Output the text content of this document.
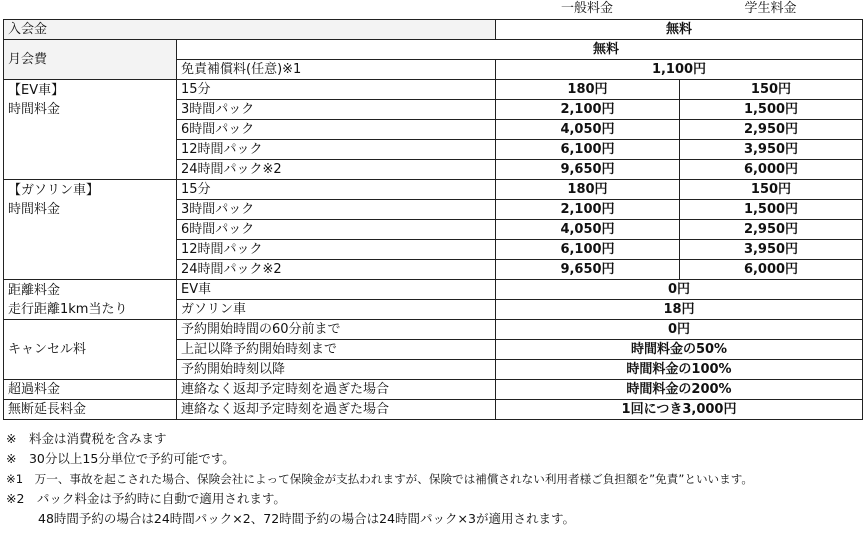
一般料金	学生料金
入会金		無料	
月会費	無料		
	免責補償料(任意)※1	1,100円	

【EV車】
時間料金	15分	180円	150円
	3時間パック	2,100円	1,500円
	6時間パック	4,050円	2,950円
	12時間パック	6,100円	3,950円
	24時間パック※2	9,650円	6,000円

【ガソリン車】
時間料金	15分	180円	150円
	3時間パック	2,100円	1,500円
	6時間パック	4,050円	2,950円
	12時間パック	6,100円	3,950円
	24時間パック※2	9,650円	6,000円

距離料金
走行距離1km当たり	EV車	0円	
	ガソリン車	18円	
キャンセル料	予約開始時間の60分前まで	0円	
	上記以降予約開始時刻まで	時間料金の50%	
	予約開始時刻以降	時間料金の100%	
超過料金	連絡なく返却予定時刻を過ぎた場合	時間料金の200%	
無断延長料金	連絡なく返却予定時刻を過ぎた場合	1回につき3,000円	
※　料金は消費税を含みます
※　30分以上15分単位で予約可能です。
※1　万一、事故を起こされた場合、保険会社によって保険金が支払われますが、保険では補償されない利用者様ご負担額を”免責”といいます。
※2　パック料金は予約時に自動で適用されます。
48時間予約の場合は24時間パック×2、72時間予約の場合は24時間パック×3が適用されます。
